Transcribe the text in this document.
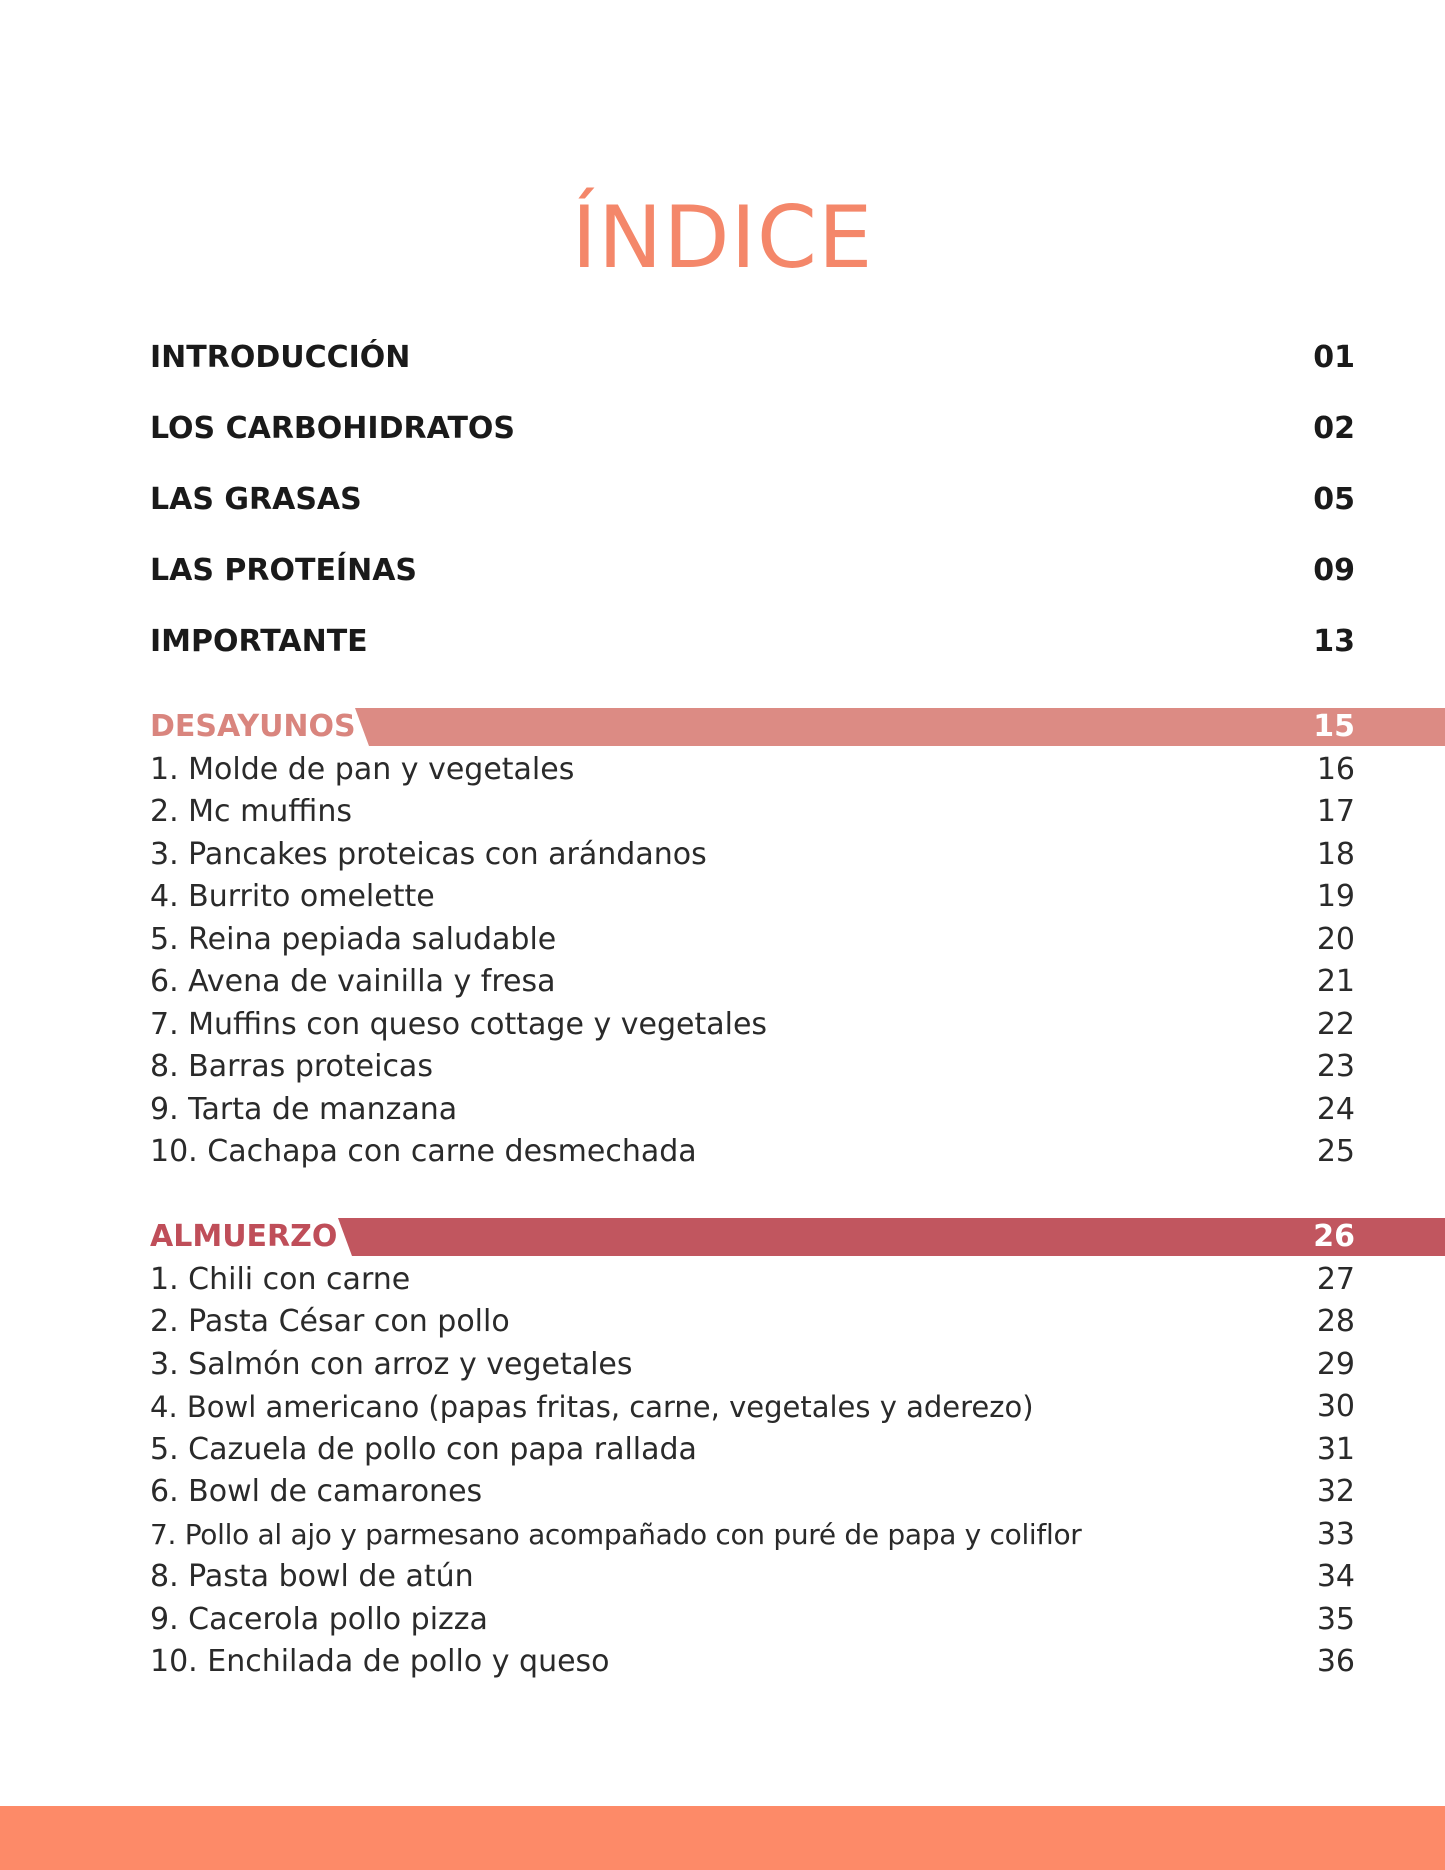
ÍNDICE
INTRODUCCIÓN	01
LOS CARBOHIDRATOS	02
LAS GRASAS	05
LAS PROTEÍNAS	09
IMPORTANTE	13
DESAYUNOS	15
1. Molde de pan y vegetales	16
2. Mc muffins	17
3. Pancakes proteicas con arándanos	18
4. Burrito omelette	19
5. Reina pepiada saludable	20
6. Avena de vainilla y fresa	21
7. Muffins con queso cottage y vegetales	22
8. Barras proteicas	23
9. Tarta de manzana	24
10. Cachapa con carne desmechada	25
ALMUERZO	26
1. Chili con carne	27
2. Pasta César con pollo	28
3. Salmón con arroz y vegetales	29
4. Bowl americano (papas fritas, carne, vegetales y aderezo)	30
5. Cazuela de pollo con papa rallada	31
6. Bowl de camarones	32
7. Pollo al ajo y parmesano acompañado con puré de papa y coliflor	33
8. Pasta bowl de atún	34
9. Cacerola pollo pizza	35
10. Enchilada de pollo y queso	36
